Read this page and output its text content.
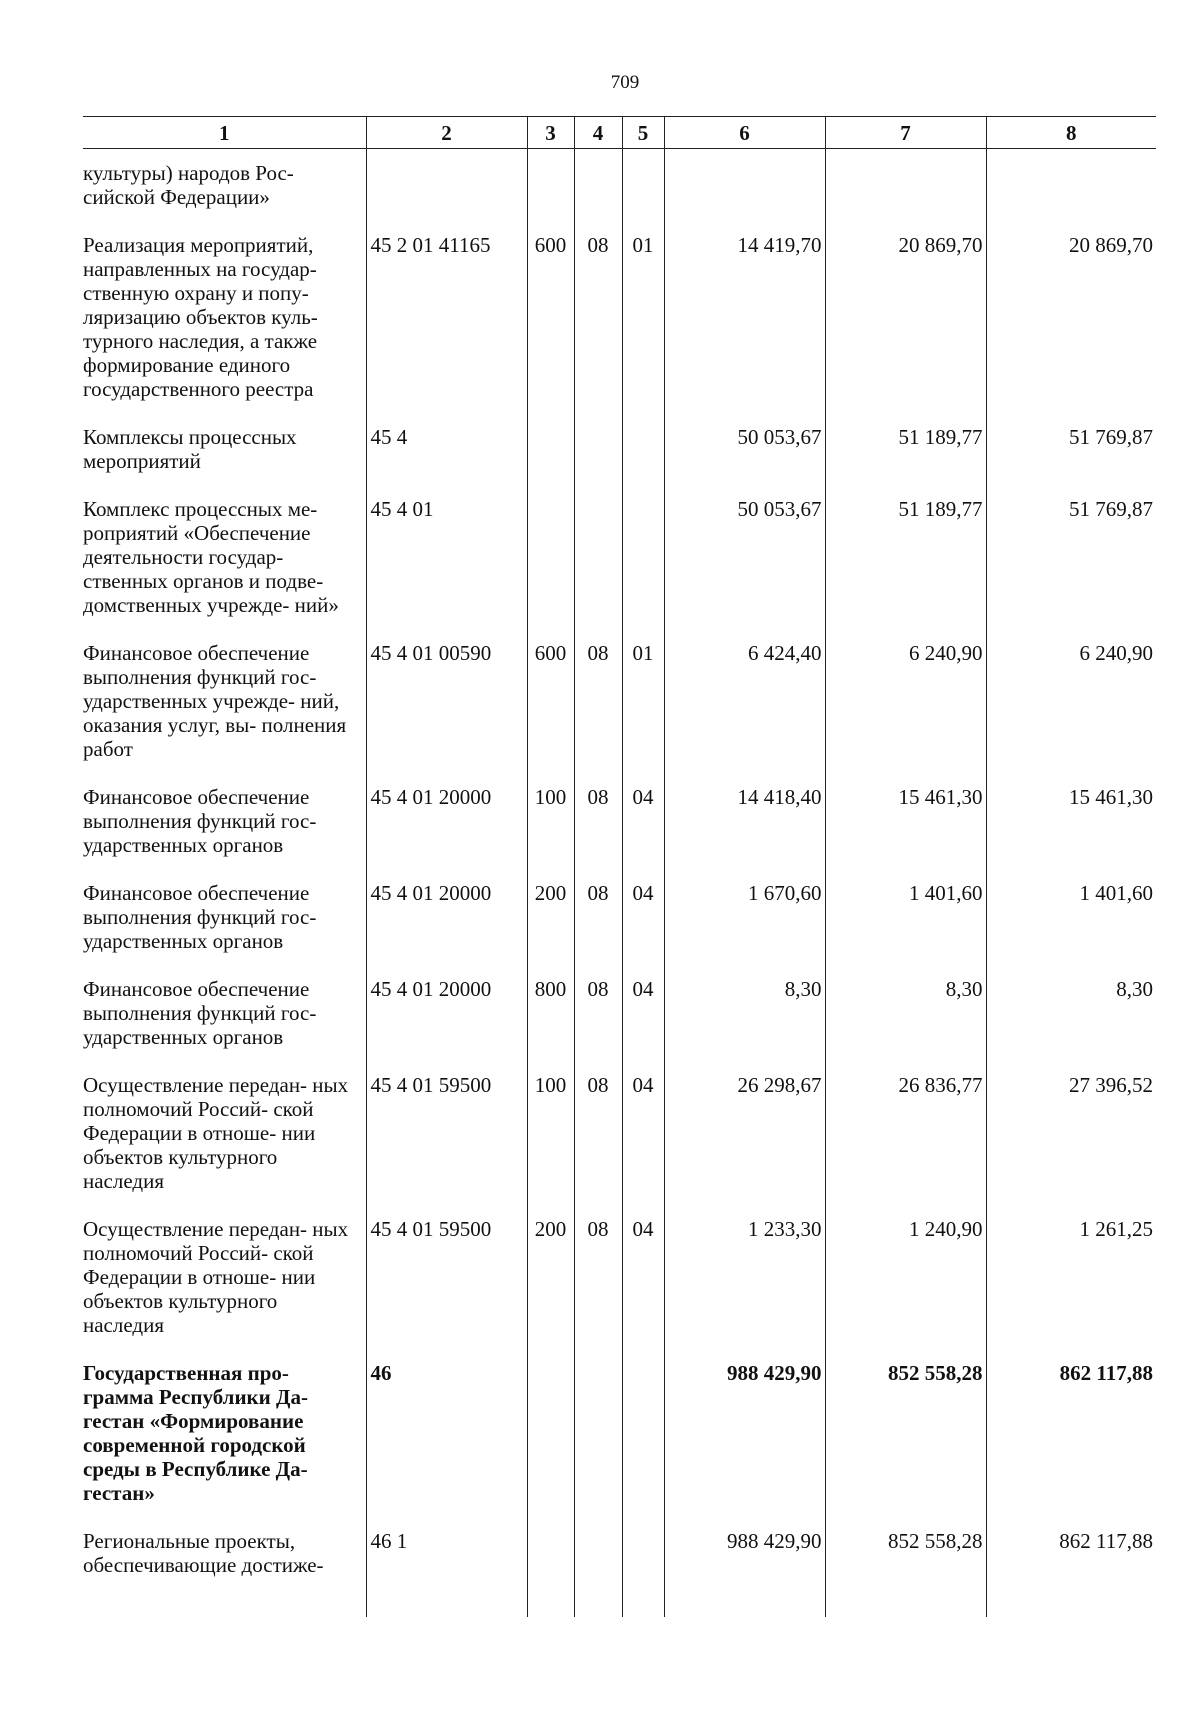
709
1	2	3	4	5	6	7	8
культуры) народов Рос- сийской Федерации»							
Реализация мероприятий, направленных на государ- ственную охрану и попу- ляризацию объектов куль- турного наследия, а также формирование единого государственного реестра	45 2 01 41165	600	08	01	14 419,70	20 869,70	20 869,70
Комплексы процессных мероприятий	45 4				50 053,67	51 189,77	51 769,87
Комплекс процессных ме- роприятий «Обеспечение деятельности государ- ственных органов и подве- домственных учрежде- ний»	45 4 01				50 053,67	51 189,77	51 769,87
Финансовое обеспечение выполнения функций гос- ударственных учрежде- ний, оказания услуг, вы- полнения работ	45 4 01 00590	600	08	01	6 424,40	6 240,90	6 240,90
Финансовое обеспечение выполнения функций гос- ударственных органов	45 4 01 20000	100	08	04	14 418,40	15 461,30	15 461,30
Финансовое обеспечение выполнения функций гос- ударственных органов	45 4 01 20000	200	08	04	1 670,60	1 401,60	1 401,60
Финансовое обеспечение выполнения функций гос- ударственных органов	45 4 01 20000	800	08	04	8,30	8,30	8,30
Осуществление передан- ных полномочий Россий- ской Федерации в отноше- нии объектов культурного наследия	45 4 01 59500	100	08	04	26 298,67	26 836,77	27 396,52
Осуществление передан- ных полномочий Россий- ской Федерации в отноше- нии объектов культурного наследия	45 4 01 59500	200	08	04	1 233,30	1 240,90	1 261,25
Государственная про- грамма Республики Да- гестан «Формирование современной городской среды в Республике Да- гестан»	46				988 429,90	852 558,28	862 117,88
Региональные проекты, обеспечивающие достиже-	46 1				988 429,90	852 558,28	862 117,88
